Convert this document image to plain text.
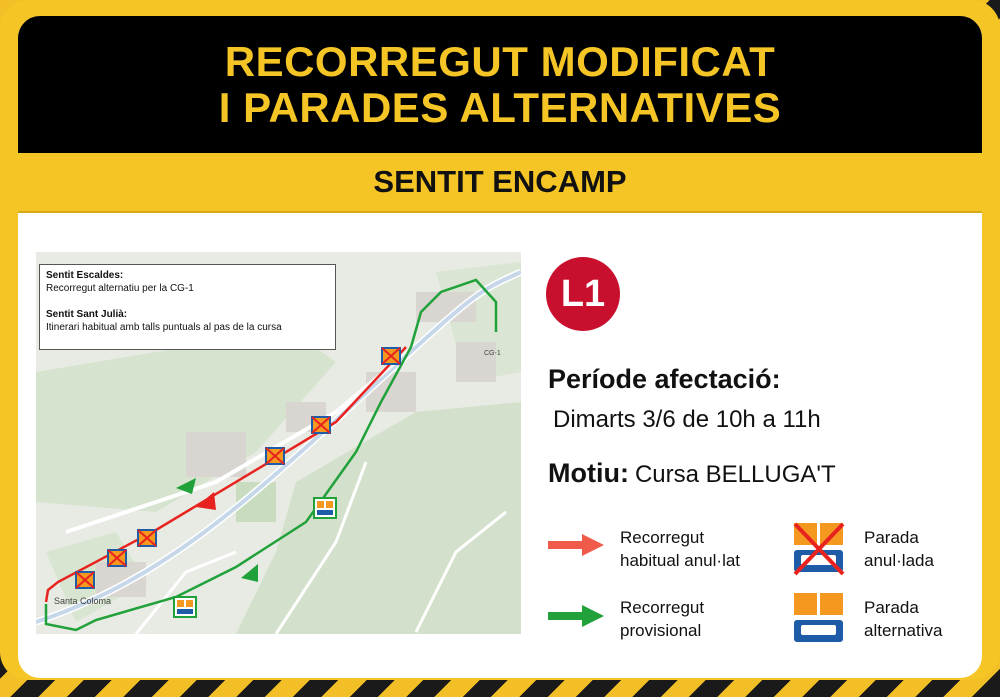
RECORREGUT MODIFICAT
I PARADES ALTERNATIVES
SENTIT ENCAMP
Santa Coloma
CG-1
Sentit Escaldes:
Recorregut alternatiu per la CG-1
Sentit Sant Julià:
Itinerari habitual amb talls puntuals al pas de la cursa
L1
Període afectació:
Dimarts 3/6 de 10h a 11h
Motiu: Cursa BELLUGA'T
Recorregut
habitual anul·lat
Recorregut
provisional
Parada
anul·lada
Parada
alternativa
